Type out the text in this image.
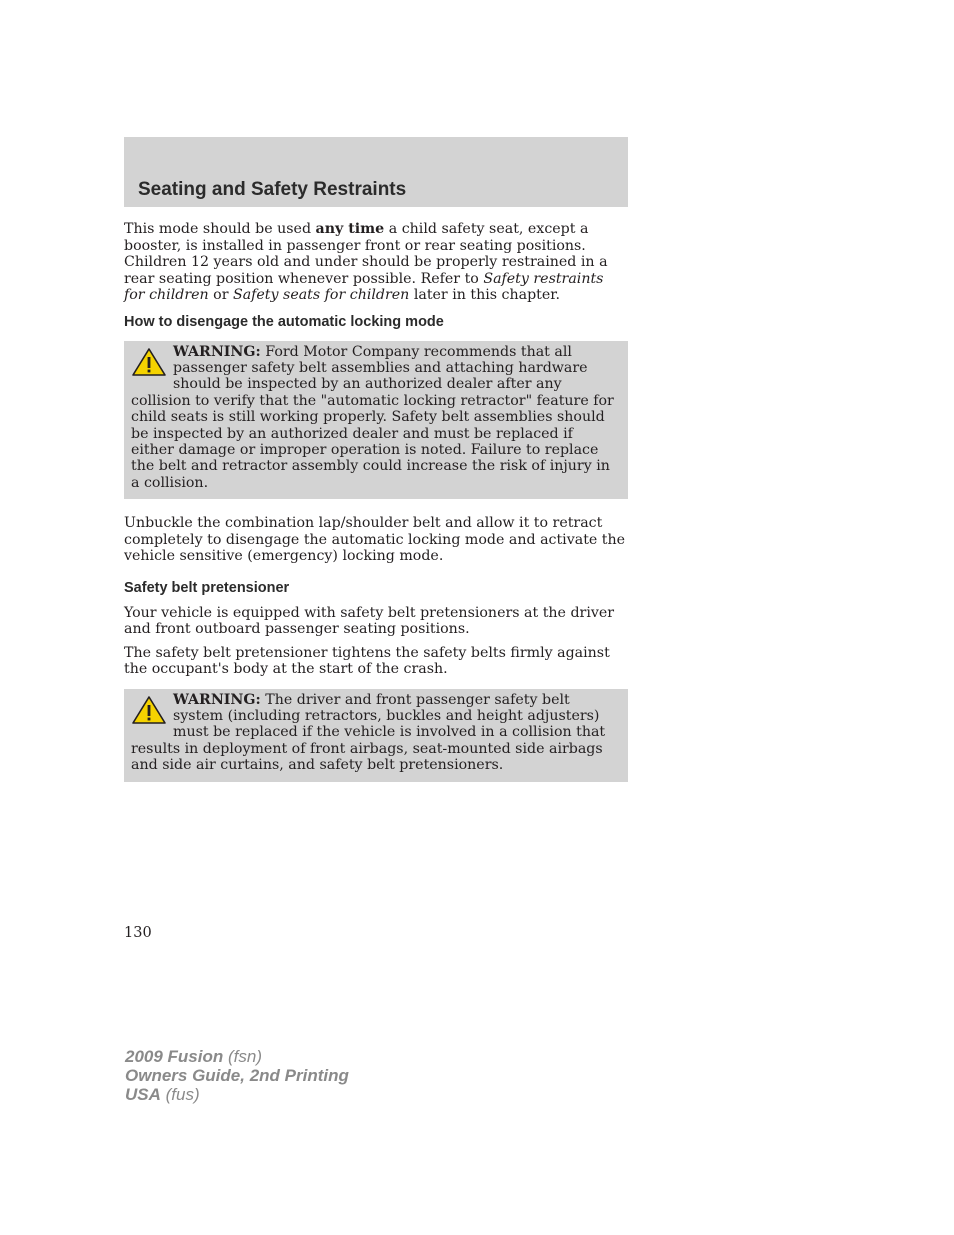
Seating and Safety Restraints

This mode should be used any time a child safety seat, except a booster, is installed in passenger front or rear seating positions. Children 12 years old and under should be properly restrained in a rear seating position whenever possible. Refer to Safety restraints for children or Safety seats for children later in this chapter.

How to disengage the automatic locking mode

WARNING: Ford Motor Company recommends that all passenger safety belt assemblies and attaching hardware should be inspected by an authorized dealer after any collision to verify that the "automatic locking retractor" feature for child seats is still working properly. Safety belt assemblies should be inspected by an authorized dealer and must be replaced if either damage or improper operation is noted. Failure to replace the belt and retractor assembly could increase the risk of injury in a collision.

Unbuckle the combination lap/shoulder belt and allow it to retract completely to disengage the automatic locking mode and activate the vehicle sensitive (emergency) locking mode.

Safety belt pretensioner

Your vehicle is equipped with safety belt pretensioners at the driver and front outboard passenger seating positions.

The safety belt pretensioner tightens the safety belts firmly against the occupant's body at the start of the crash.

WARNING: The driver and front passenger safety belt system (including retractors, buckles and height adjusters) must be replaced if the vehicle is involved in a collision that results in deployment of front airbags, seat-mounted side airbags and side air curtains, and safety belt pretensioners.

130

2009 Fusion (fsn)
Owners Guide, 2nd Printing
USA (fus)
